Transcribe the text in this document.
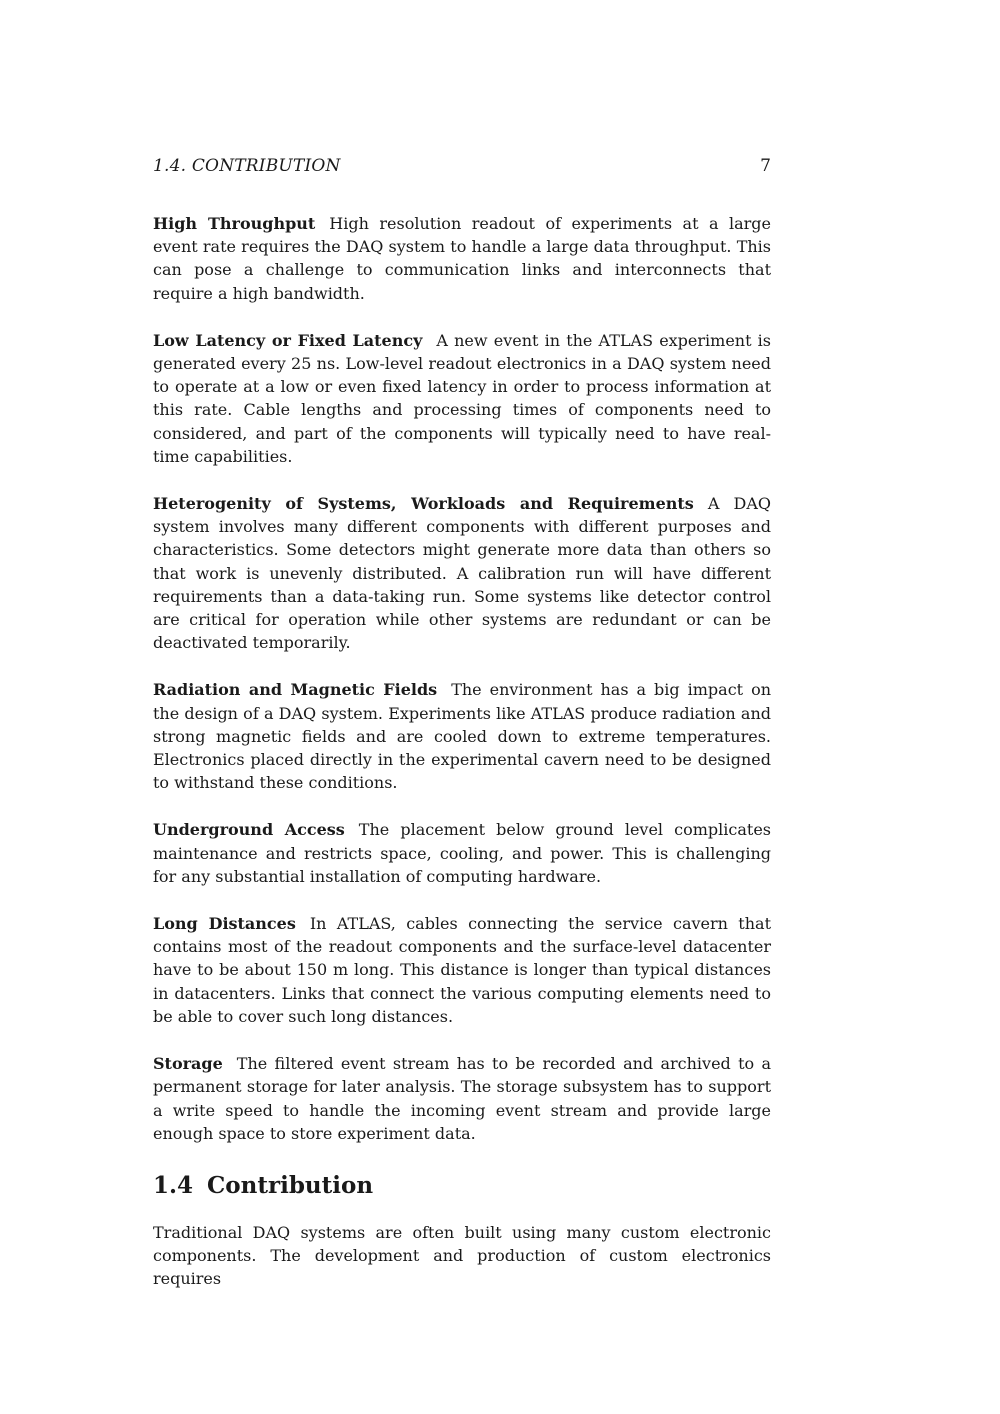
1.4. CONTRIBUTION	7

High Throughput High resolution readout of experiments at a large event rate requires the DAQ system to handle a large data throughput. This can pose a challenge to communication links and interconnects that require a high bandwidth.

Low Latency or Fixed Latency A new event in the ATLAS experiment is generated every 25 ns. Low-level readout electronics in a DAQ system need to operate at a low or even fixed latency in order to process information at this rate. Cable lengths and processing times of components need to considered, and part of the components will typically need to have real-time capabilities.

Heterogenity of Systems, Workloads and Requirements A DAQ system involves many different components with different purposes and characteristics. Some detectors might generate more data than others so that work is unevenly distributed. A calibration run will have different requirements than a data-taking run. Some systems like detector control are critical for operation while other systems are redundant or can be deactivated temporarily.

Radiation and Magnetic Fields The environment has a big impact on the design of a DAQ system. Experiments like ATLAS produce radiation and strong magnetic fields and are cooled down to extreme temperatures. Electronics placed directly in the experimental cavern need to be designed to withstand these conditions.

Underground Access The placement below ground level complicates maintenance and restricts space, cooling, and power. This is challenging for any substantial installation of computing hardware.

Long Distances In ATLAS, cables connecting the service cavern that contains most of the readout components and the surface-level datacenter have to be about 150 m long. This distance is longer than typical distances in datacenters. Links that connect the various computing elements need to be able to cover such long distances.

Storage The filtered event stream has to be recorded and archived to a permanent storage for later analysis. The storage subsystem has to support a write speed to handle the incoming event stream and provide large enough space to store experiment data.

1.4 Contribution

Traditional DAQ systems are often built using many custom electronic components. The development and production of custom electronics requires
